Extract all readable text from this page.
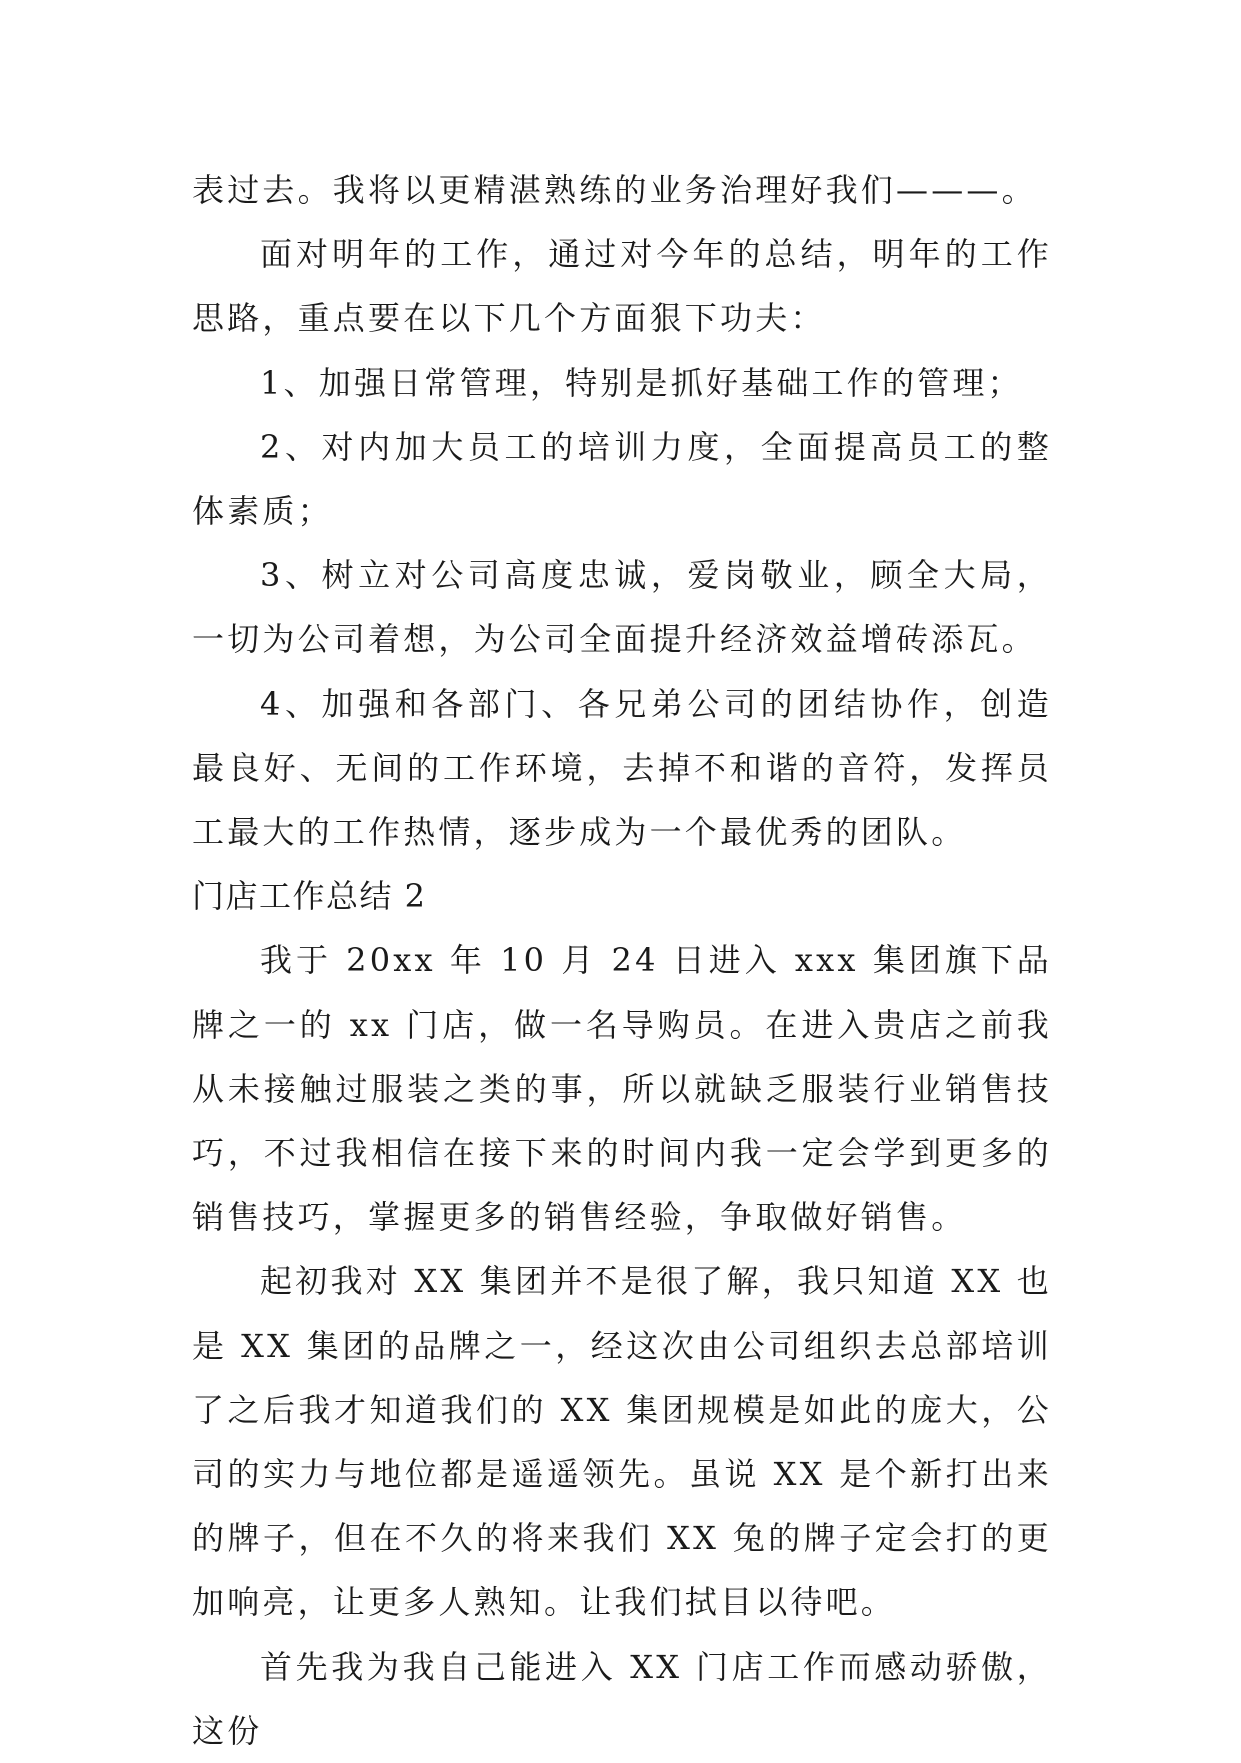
表过去。我将以更精湛熟练的业务治理好我们———。

面对明年的工作，通过对今年的总结，明年的工作思路，重点要在以下几个方面狠下功夫：

1、加强日常管理，特别是抓好基础工作的管理；

2、对内加大员工的培训力度，全面提高员工的整体素质；

3、树立对公司高度忠诚，爱岗敬业，顾全大局，一切为公司着想，为公司全面提升经济效益增砖添瓦。

4、加强和各部门、各兄弟公司的团结协作，创造最良好、无间的工作环境，去掉不和谐的音符，发挥员工最大的工作热情，逐步成为一个最优秀的团队。

门店工作总结 2

我于 20xx 年 10 月 24 日进入 xxx 集团旗下品牌之一的 xx 门店，做一名导购员。在进入贵店之前我从未接触过服装之类的事，所以就缺乏服装行业销售技巧，不过我相信在接下来的时间内我一定会学到更多的销售技巧，掌握更多的销售经验，争取做好销售。

起初我对 XX 集团并不是很了解，我只知道 XX 也是 XX 集团的品牌之一，经这次由公司组织去总部培训了之后我才知道我们的 XX 集团规模是如此的庞大，公司的实力与地位都是遥遥领先。虽说 XX 是个新打出来的牌子，但在不久的将来我们 XX 兔的牌子定会打的更加响亮，让更多人熟知。让我们拭目以待吧。

首先我为我自己能进入 XX 门店工作而感动骄傲，这份
